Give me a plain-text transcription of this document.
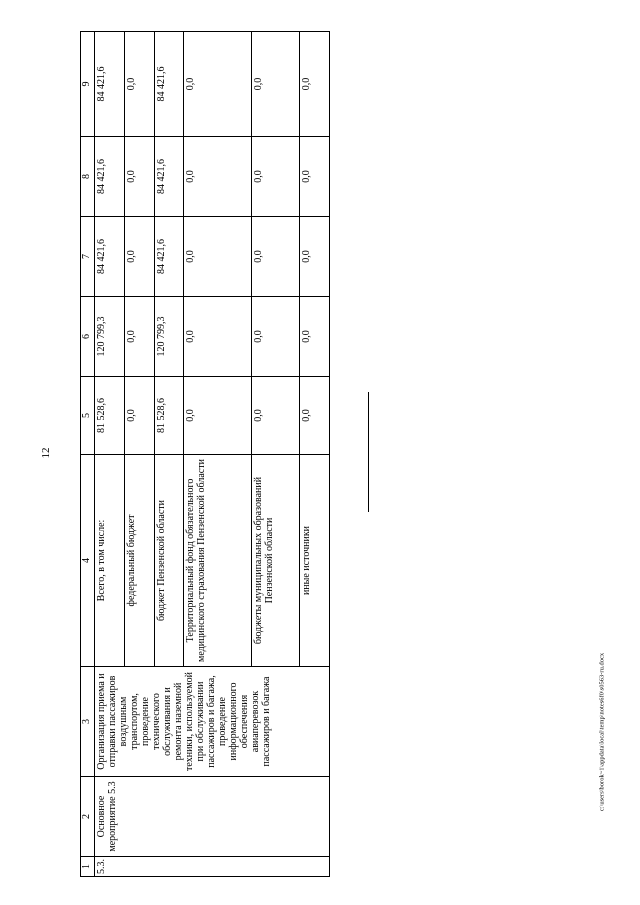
12
c:\users\borok~1\appdata\local\temp\notes6f0\s0563-ru.docx
1	2	3	4	5	6	7	8	9
5.3.	Основное мероприятие 5.3	Организация приема и отправки пассажиров воздушным транспортом, проведение технического обслуживания и ремонта наземной техники, используемой при обслуживании пассажиров и багажа, проведение информационного обеспечения авиаперевозок пассажиров и багажа	Всего, в том числе:	81 528,6	120 799,3	84 421,6	84 421,6	84 421,6
			федеральный бюджет	0,0	0,0	0,0	0,0	0,0
			бюджет Пензенской области	81 528,6	120 799,3	84 421,6	84 421,6	84 421,6
			Территориальный фонд обязательного медицинского страхования Пензенской области	0,0	0,0	0,0	0,0	0,0
			бюджеты муниципальных образований Пензенской области	0,0	0,0	0,0	0,0	0,0
			иные источники	0,0	0,0	0,0	0,0	0,0
